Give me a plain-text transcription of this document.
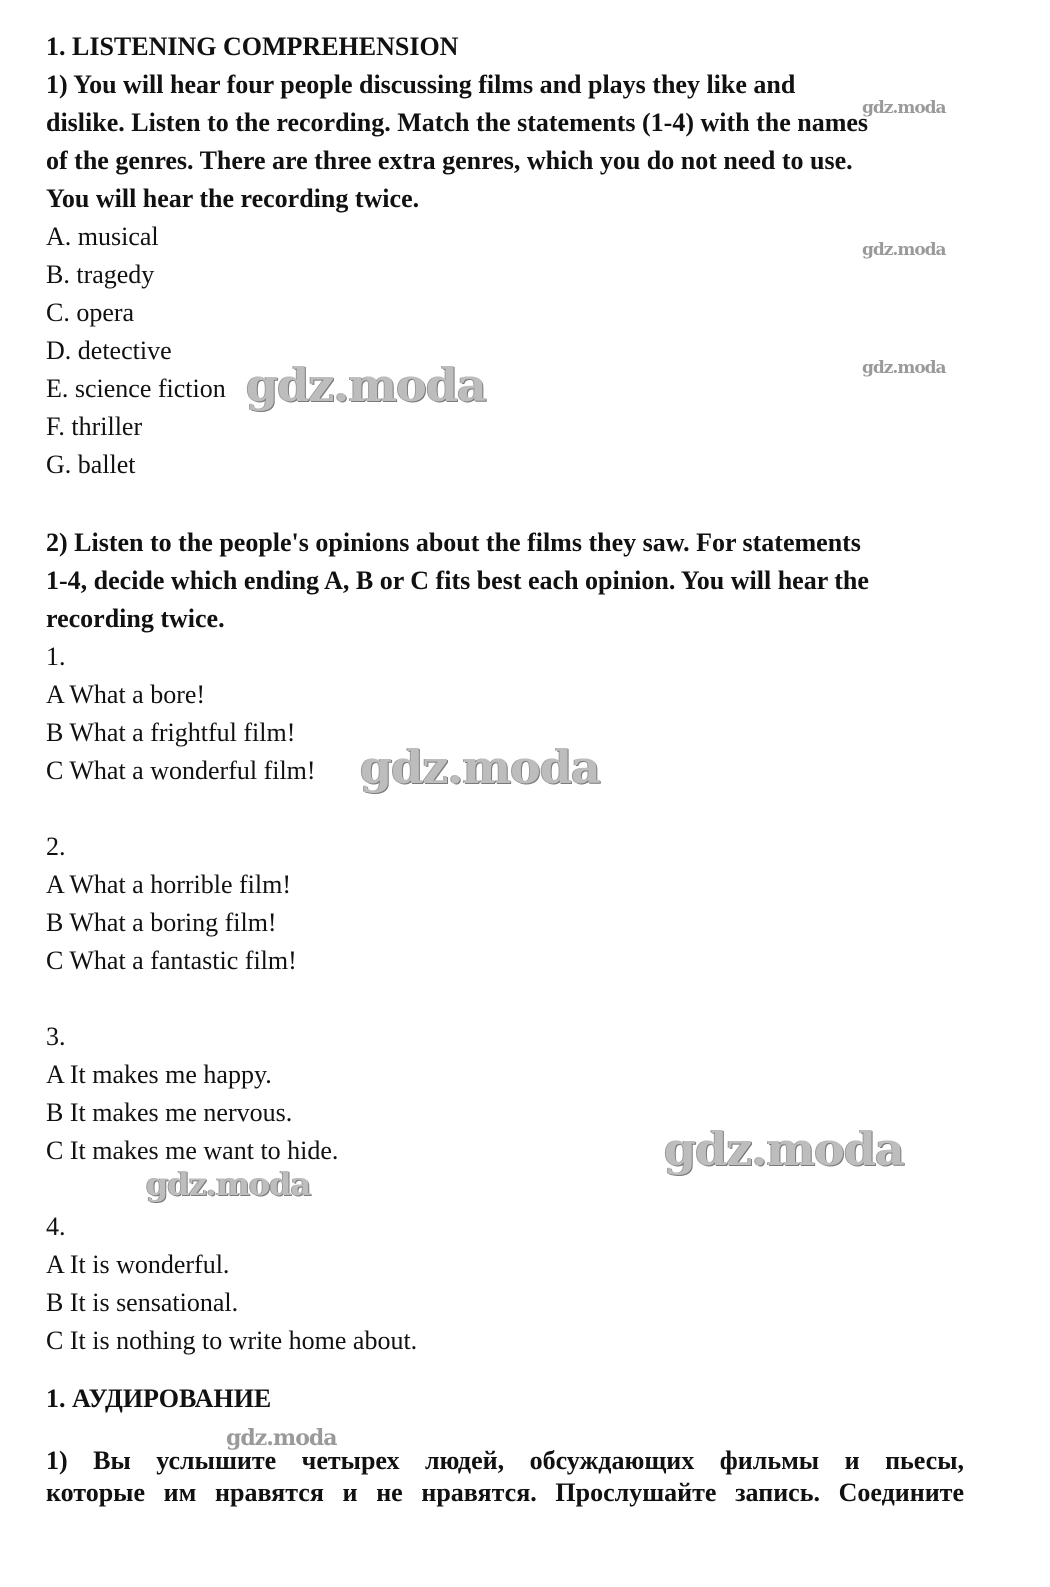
1. LISTENING COMPREHENSION
1) You will hear four people discussing films and plays they like and
dislike. Listen to the recording. Match the statements (1-4) with the names
of the genres. There are three extra genres, which you do not need to use.
You will hear the recording twice.
A. musical
B. tragedy
C. opera
D. detective
E. science fiction
F. thriller
G. ballet
2) Listen to the people's opinions about the films they saw. For statements
1-4, decide which ending A, B or C fits best each opinion. You will hear the
recording twice.
1.
A What a bore!
B What a frightful film!
C What a wonderful film!
2.
A What a horrible film!
B What a boring film!
C What a fantastic film!
3.
A It makes me happy.
B It makes me nervous.
C It makes me want to hide.
4.
A It is wonderful.
B It is sensational.
C It is nothing to write home about.
1. АУДИРОВАНИЕ
1) Вы услышите четырех людей, обсуждающих фильмы и пьесы,
которые им нравятся и не нравятся. Прослушайте запись. Соедините
gdz.moda
gdz.moda
gdz.moda
gdz.moda
gdz.moda
gdz.moda
gdz.moda
gdz.moda
